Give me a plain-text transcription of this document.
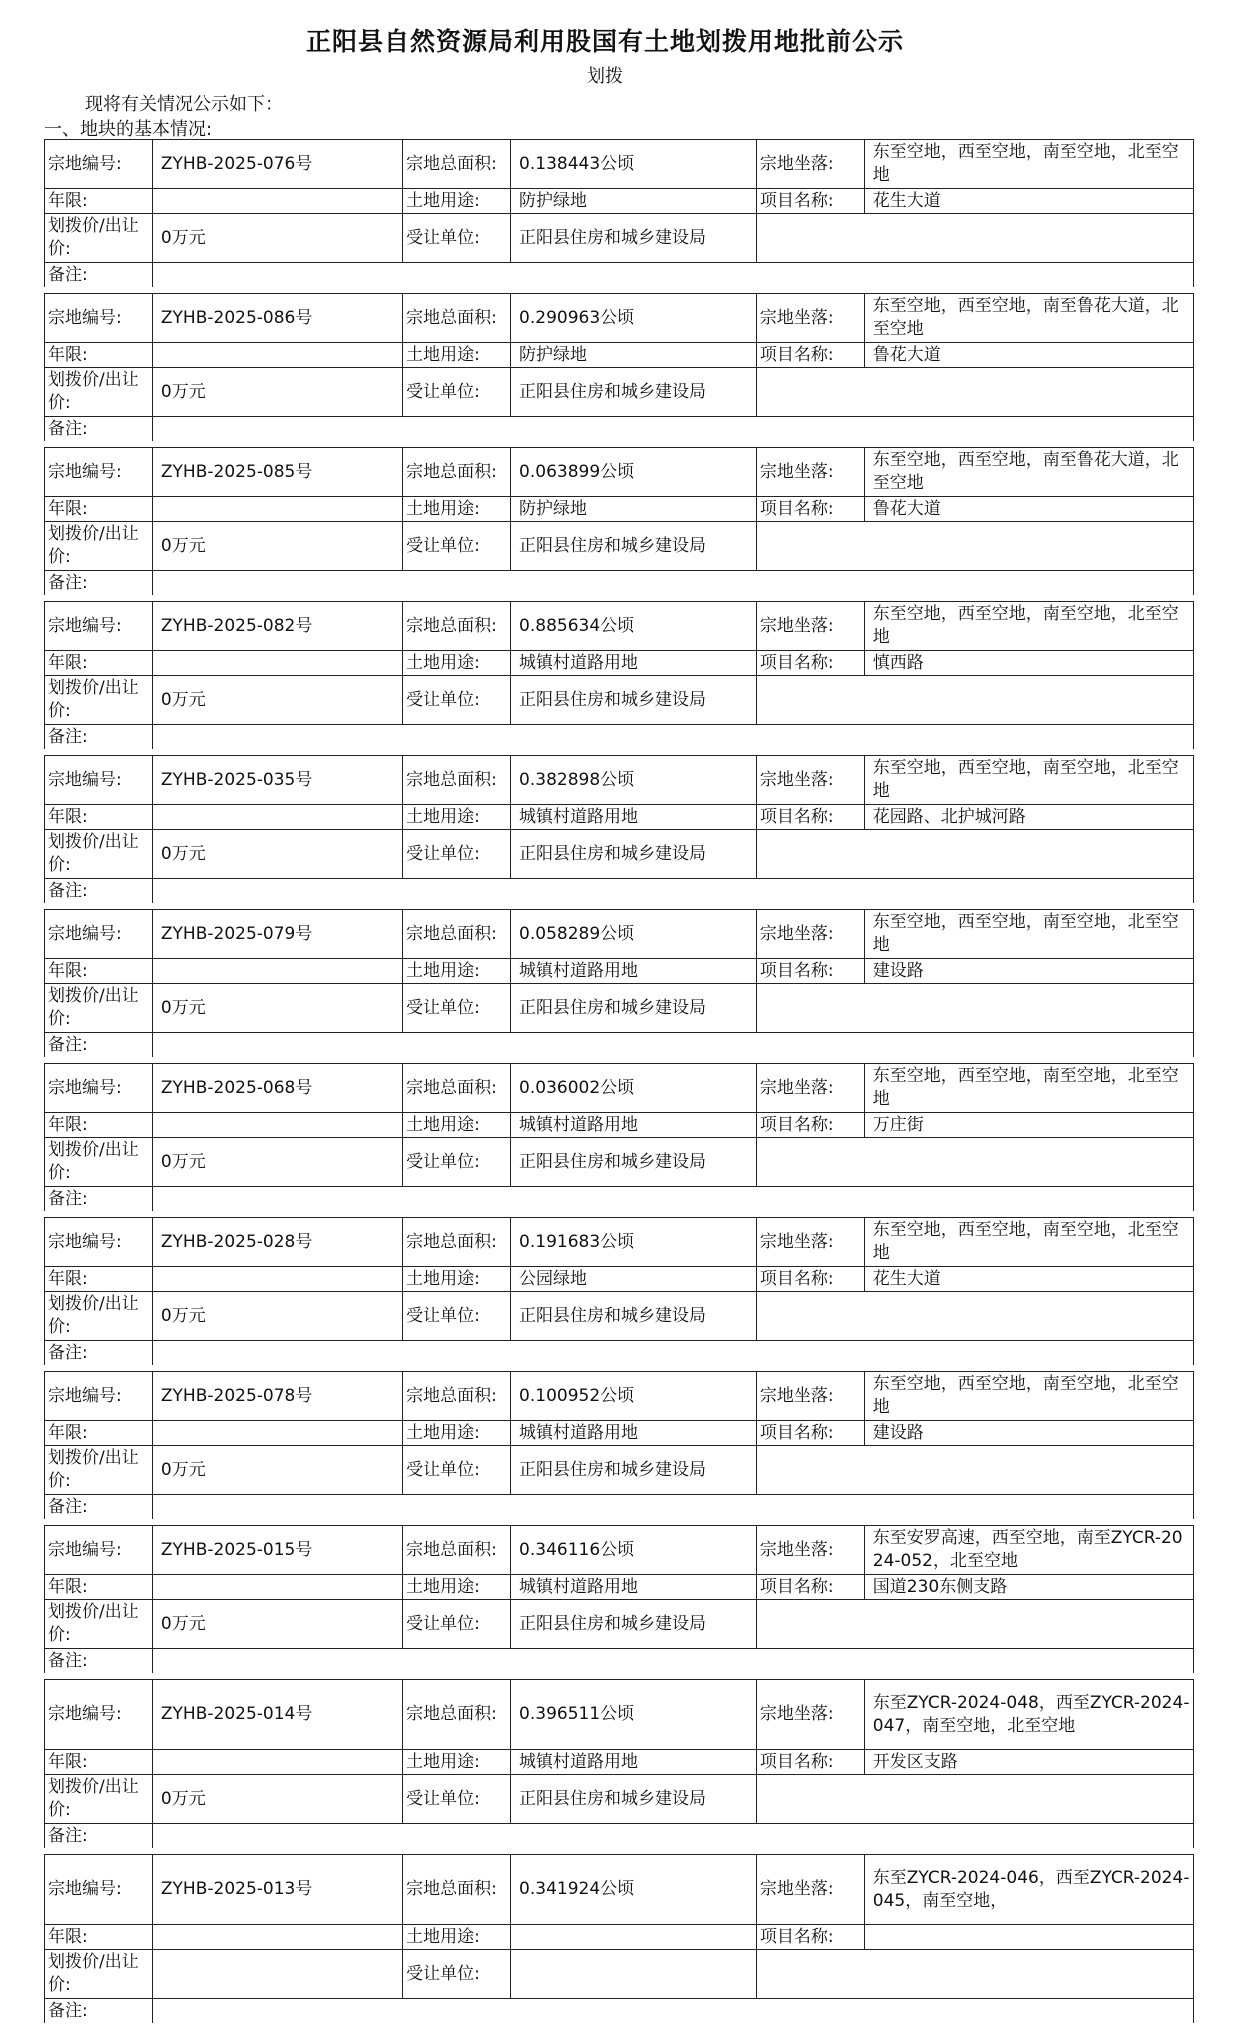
正阳县自然资源局利用股国有土地划拨用地批前公示
划拨
现将有关情况公示如下：
一、地块的基本情况:
宗地编号:	ZYHB-2025-076号	宗地总面积:	0.138443公顷	宗地坐落:	东至空地，西至空地，南至空地，北至空地
年限:		土地用途:	防护绿地	项目名称:	花生大道
划拨价/出让价:	0万元	受让单位:	正阳县住房和城乡建设局		
备注:					
宗地编号:	ZYHB-2025-086号	宗地总面积:	0.290963公顷	宗地坐落:	东至空地，西至空地，南至鲁花大道，北至空地
年限:		土地用途:	防护绿地	项目名称:	鲁花大道
划拨价/出让价:	0万元	受让单位:	正阳县住房和城乡建设局		
备注:					
宗地编号:	ZYHB-2025-085号	宗地总面积:	0.063899公顷	宗地坐落:	东至空地，西至空地，南至鲁花大道，北至空地
年限:		土地用途:	防护绿地	项目名称:	鲁花大道
划拨价/出让价:	0万元	受让单位:	正阳县住房和城乡建设局		
备注:					
宗地编号:	ZYHB-2025-082号	宗地总面积:	0.885634公顷	宗地坐落:	东至空地，西至空地，南至空地，北至空地
年限:		土地用途:	城镇村道路用地	项目名称:	慎西路
划拨价/出让价:	0万元	受让单位:	正阳县住房和城乡建设局		
备注:					
宗地编号:	ZYHB-2025-035号	宗地总面积:	0.382898公顷	宗地坐落:	东至空地，西至空地，南至空地，北至空地
年限:		土地用途:	城镇村道路用地	项目名称:	花园路、北护城河路
划拨价/出让价:	0万元	受让单位:	正阳县住房和城乡建设局		
备注:					
宗地编号:	ZYHB-2025-079号	宗地总面积:	0.058289公顷	宗地坐落:	东至空地，西至空地，南至空地，北至空地
年限:		土地用途:	城镇村道路用地	项目名称:	建设路
划拨价/出让价:	0万元	受让单位:	正阳县住房和城乡建设局		
备注:					
宗地编号:	ZYHB-2025-068号	宗地总面积:	0.036002公顷	宗地坐落:	东至空地，西至空地，南至空地，北至空地
年限:		土地用途:	城镇村道路用地	项目名称:	万庄街
划拨价/出让价:	0万元	受让单位:	正阳县住房和城乡建设局		
备注:					
宗地编号:	ZYHB-2025-028号	宗地总面积:	0.191683公顷	宗地坐落:	东至空地，西至空地，南至空地，北至空地
年限:		土地用途:	公园绿地	项目名称:	花生大道
划拨价/出让价:	0万元	受让单位:	正阳县住房和城乡建设局		
备注:					
宗地编号:	ZYHB-2025-078号	宗地总面积:	0.100952公顷	宗地坐落:	东至空地，西至空地，南至空地，北至空地
年限:		土地用途:	城镇村道路用地	项目名称:	建设路
划拨价/出让价:	0万元	受让单位:	正阳县住房和城乡建设局		
备注:					
宗地编号:	ZYHB-2025-015号	宗地总面积:	0.346116公顷	宗地坐落:	东至安罗高速，西至空地，南至ZYCR-2024-052，北至空地
年限:		土地用途:	城镇村道路用地	项目名称:	国道230东侧支路
划拨价/出让价:	0万元	受让单位:	正阳县住房和城乡建设局		
备注:					
宗地编号:	ZYHB-2025-014号	宗地总面积:	0.396511公顷	宗地坐落:	东至ZYCR-2024-048，西至ZYCR-2024-047，南至空地，北至空地
年限:		土地用途:	城镇村道路用地	项目名称:	开发区支路
划拨价/出让价:	0万元	受让单位:	正阳县住房和城乡建设局		
备注:					
宗地编号:	ZYHB-2025-013号	宗地总面积:	0.341924公顷	宗地坐落:	东至ZYCR-2024-046，西至ZYCR-2024-045，南至空地，
年限:		土地用途:		项目名称:	
划拨价/出让价:		受让单位:			
备注:					
